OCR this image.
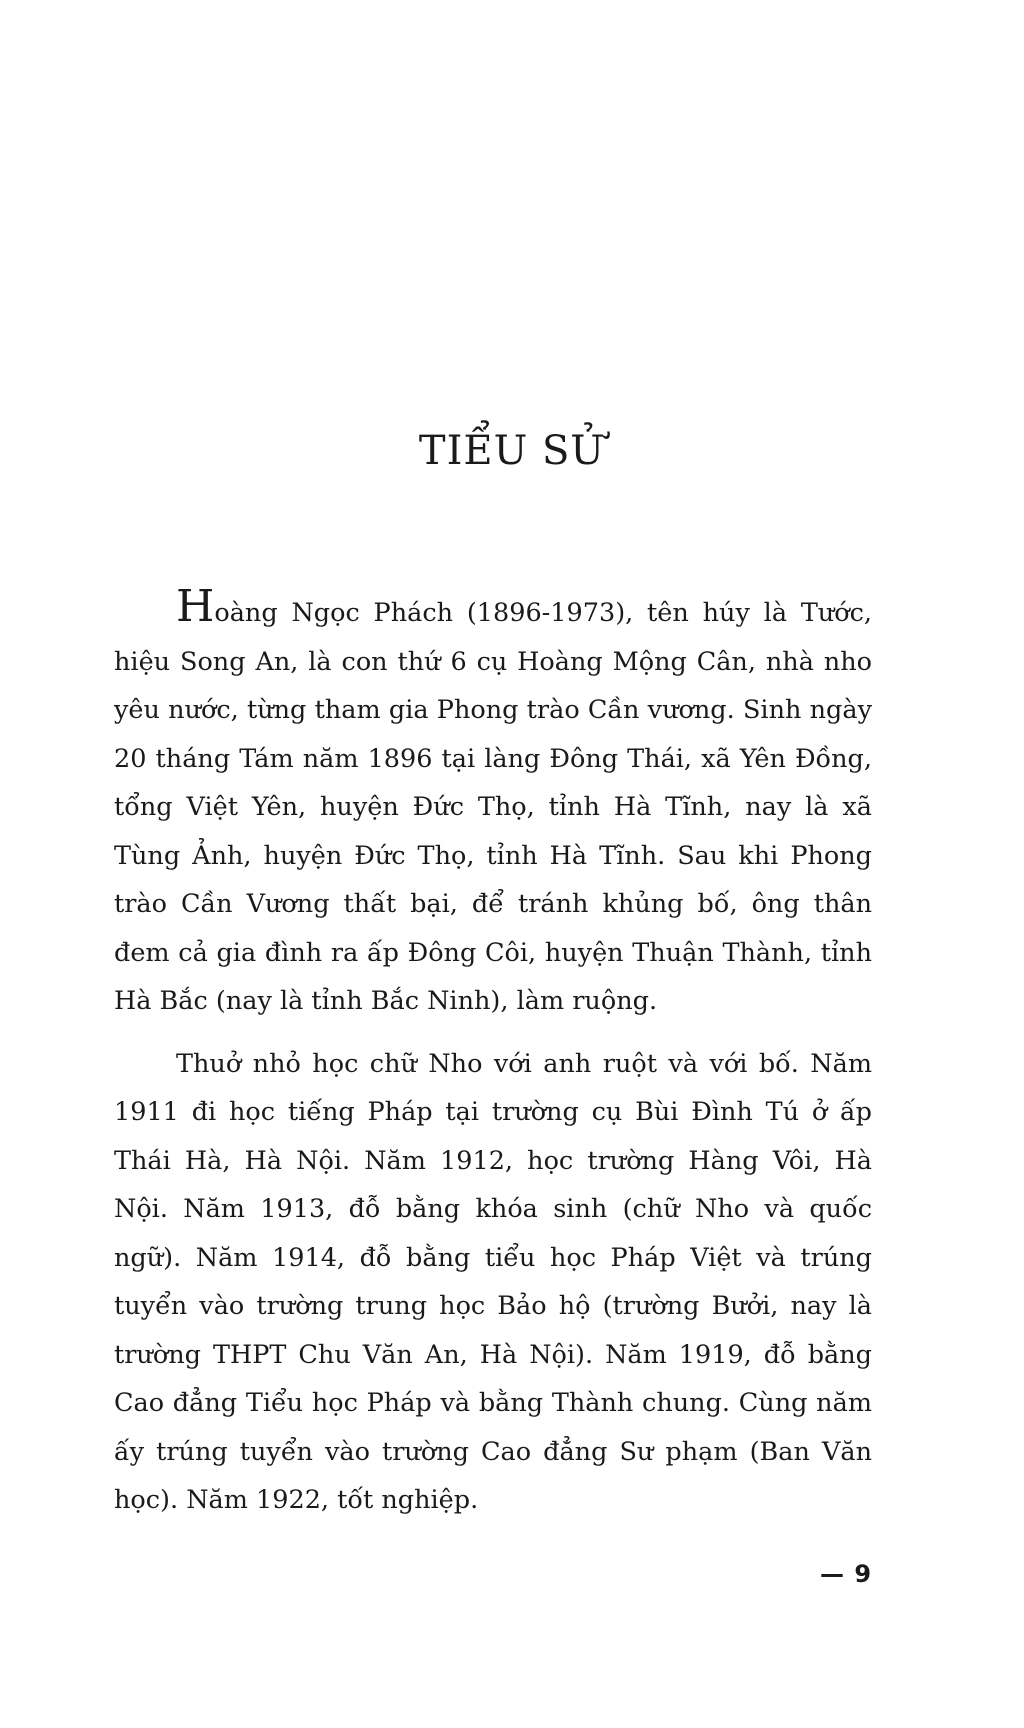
TIỂU SỬ

Hoàng Ngọc Phách (1896-1973), tên húy là Tước, hiệu Song An, là con thứ 6 cụ Hoàng Mộng Cân, nhà nho yêu nước, từng tham gia Phong trào Cần vương. Sinh ngày 20 tháng Tám năm 1896 tại làng Đông Thái, xã Yên Đồng, tổng Việt Yên, huyện Đức Thọ, tỉnh Hà Tĩnh, nay là xã Tùng Ảnh, huyện Đức Thọ, tỉnh Hà Tĩnh. Sau khi Phong trào Cần Vương thất bại, để tránh khủng bố, ông thân đem cả gia đình ra ấp Đông Côi, huyện Thuận Thành, tỉnh Hà Bắc (nay là tỉnh Bắc Ninh), làm ruộng.

Thuở nhỏ học chữ Nho với anh ruột và với bố. Năm 1911 đi học tiếng Pháp tại trường cụ Bùi Đình Tú ở ấp Thái Hà, Hà Nội. Năm 1912, học trường Hàng Vôi, Hà Nội. Năm 1913, đỗ bằng khóa sinh (chữ Nho và quốc ngữ). Năm 1914, đỗ bằng tiểu học Pháp Việt và trúng tuyển vào trường trung học Bảo hộ (trường Bưởi, nay là trường THPT Chu Văn An, Hà Nội). Năm 1919, đỗ bằng Cao đẳng Tiểu học Pháp và bằng Thành chung. Cùng năm ấy trúng tuyển vào trường Cao đẳng Sư phạm (Ban Văn học). Năm 1922, tốt nghiệp.

— 9
